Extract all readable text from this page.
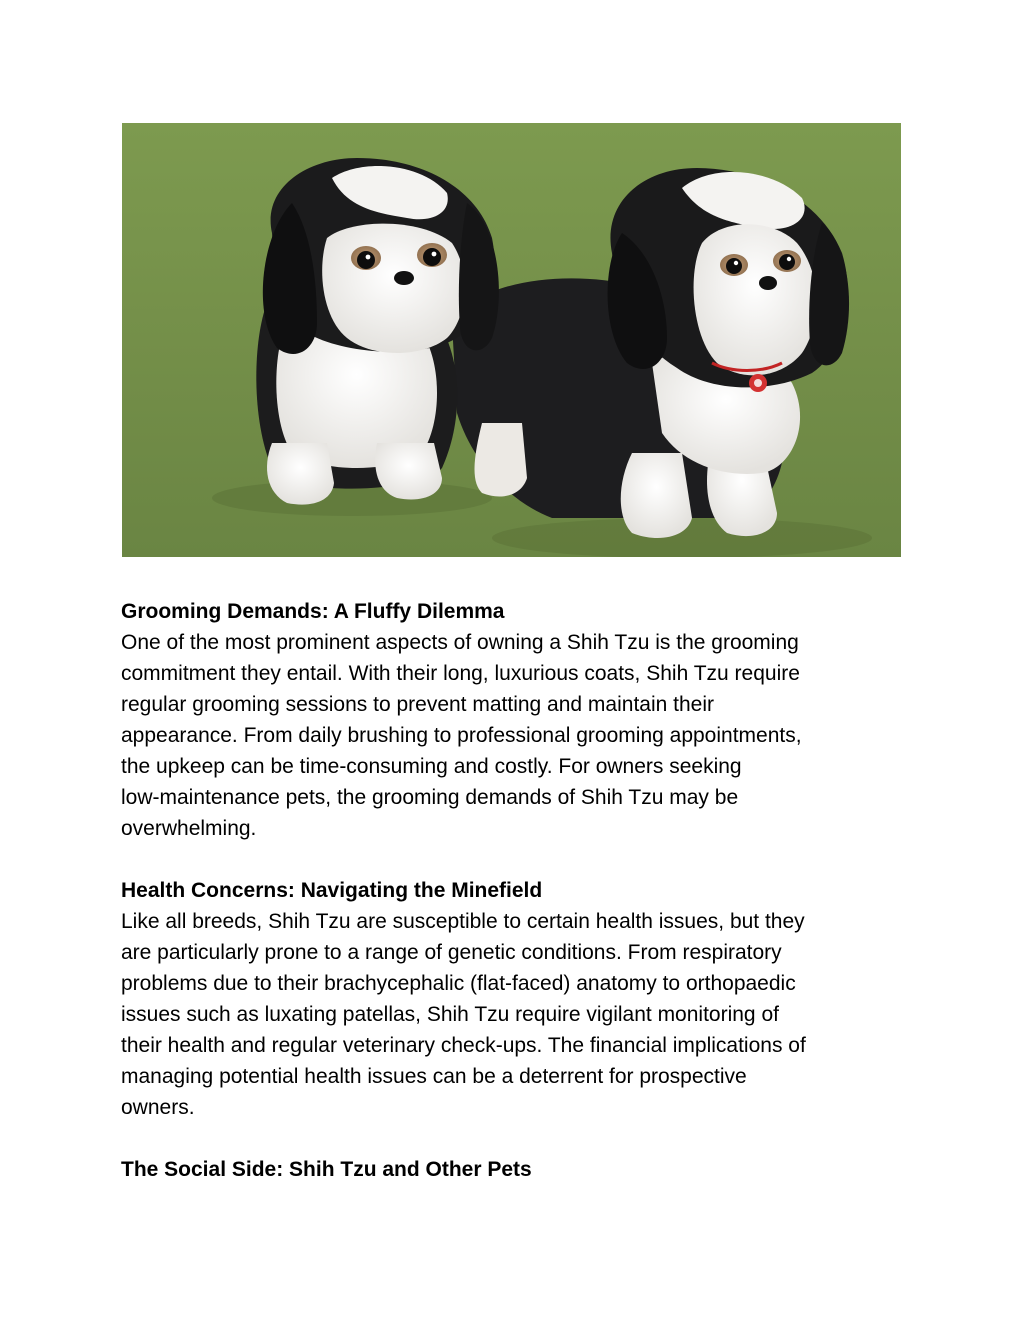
Grooming Demands: A Fluffy Dilemma

One of the most prominent aspects of owning a Shih Tzu is the grooming
commitment they entail. With their long, luxurious coats, Shih Tzu require
regular grooming sessions to prevent matting and maintain their
appearance. From daily brushing to professional grooming appointments,
the upkeep can be time-consuming and costly. For owners seeking
low-maintenance pets, the grooming demands of Shih Tzu may be
overwhelming.

Health Concerns: Navigating the Minefield

Like all breeds, Shih Tzu are susceptible to certain health issues, but they
are particularly prone to a range of genetic conditions. From respiratory
problems due to their brachycephalic (flat-faced) anatomy to orthopaedic
issues such as luxating patellas, Shih Tzu require vigilant monitoring of
their health and regular veterinary check-ups. The financial implications of
managing potential health issues can be a deterrent for prospective
owners.

The Social Side: Shih Tzu and Other Pets
